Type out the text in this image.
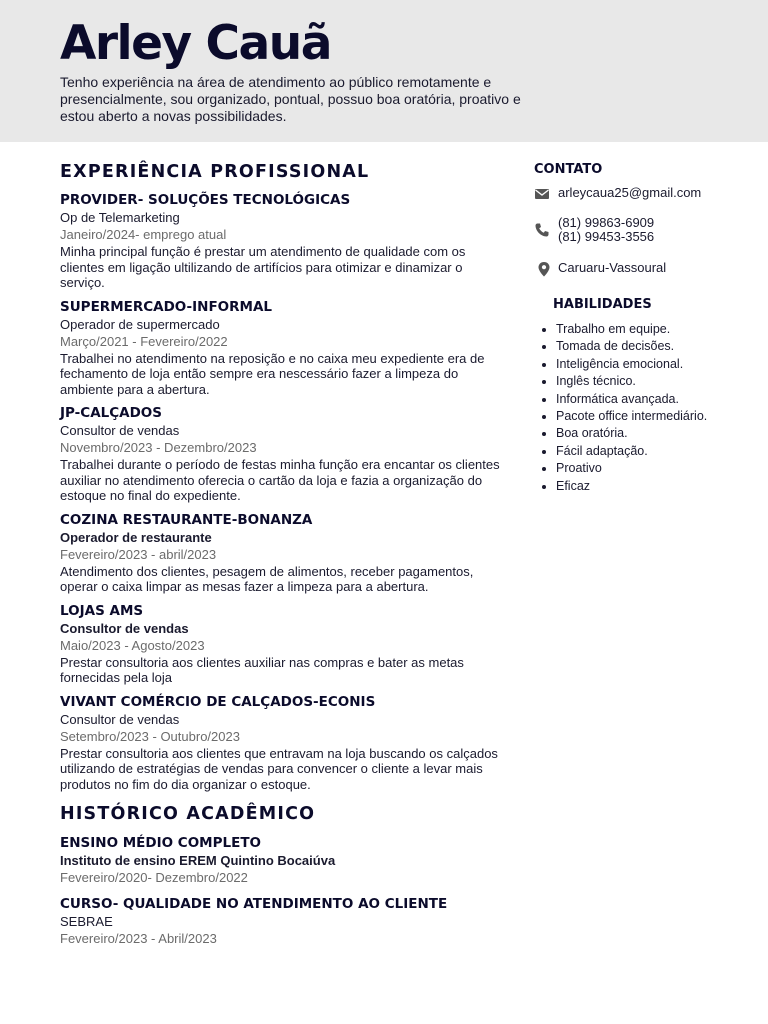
Arley Cauã
Tenho experiência na área de atendimento ao público remotamente e presencialmente, sou organizado, pontual, possuo boa oratória, proativo e estou aberto a novas possibilidades.
EXPERIÊNCIA PROFISSIONAL
PROVIDER- SOLUÇÕES TECNOLÓGICAS
Op de Telemarketing
Janeiro/2024- emprego atual
Minha principal função é prestar um atendimento de qualidade com os clientes em ligação ultilizando de artifícios para otimizar e dinamizar o serviço.
SUPERMERCADO-INFORMAL
Operador de supermercado
Março/2021 - Fevereiro/2022
Trabalhei no atendimento na reposição e no caixa meu expediente era de fechamento de loja então sempre era nescessário fazer a limpeza do ambiente para a abertura.
JP-CALÇADOS
Consultor de vendas
Novembro/2023 - Dezembro/2023
Trabalhei durante o período de festas minha função era encantar os clientes auxiliar no atendimento oferecia o cartão da loja e fazia a organização do estoque no final do expediente.
COZINA RESTAURANTE-BONANZA
Operador de restaurante
Fevereiro/2023 - abril/2023
Atendimento dos clientes, pesagem de alimentos, receber pagamentos, operar o caixa limpar as mesas fazer a limpeza para a abertura.
LOJAS AMS
Consultor de vendas
Maio/2023 - Agosto/2023
Prestar consultoria aos clientes auxiliar nas compras e bater as metas fornecidas pela loja
VIVANT COMÉRCIO DE CALÇADOS-ECONIS
Consultor de vendas
Setembro/2023 - Outubro/2023
Prestar consultoria aos clientes que entravam na loja buscando os calçados utilizando de estratégias de vendas para convencer o cliente a levar mais produtos no fim do dia organizar o estoque.
HISTÓRICO ACADÊMICO
ENSINO MÉDIO COMPLETO
Instituto de ensino EREM Quintino Bocaiúva
Fevereiro/2020- Dezembro/2022
CURSO- QUALIDADE NO ATENDIMENTO AO CLIENTE
SEBRAE
Fevereiro/2023 - Abril/2023
CONTATO
arleycaua25@gmail.com
(81) 99863-6909
(81) 99453-3556
Caruaru-Vassoural
HABILIDADES
• Trabalho em equipe.
• Tomada de decisões.
• Inteligência emocional.
• Inglês técnico.
• Informática avançada.
• Pacote office intermediário.
• Boa oratória.
• Fácil adaptação.
• Proativo
• Eficaz
